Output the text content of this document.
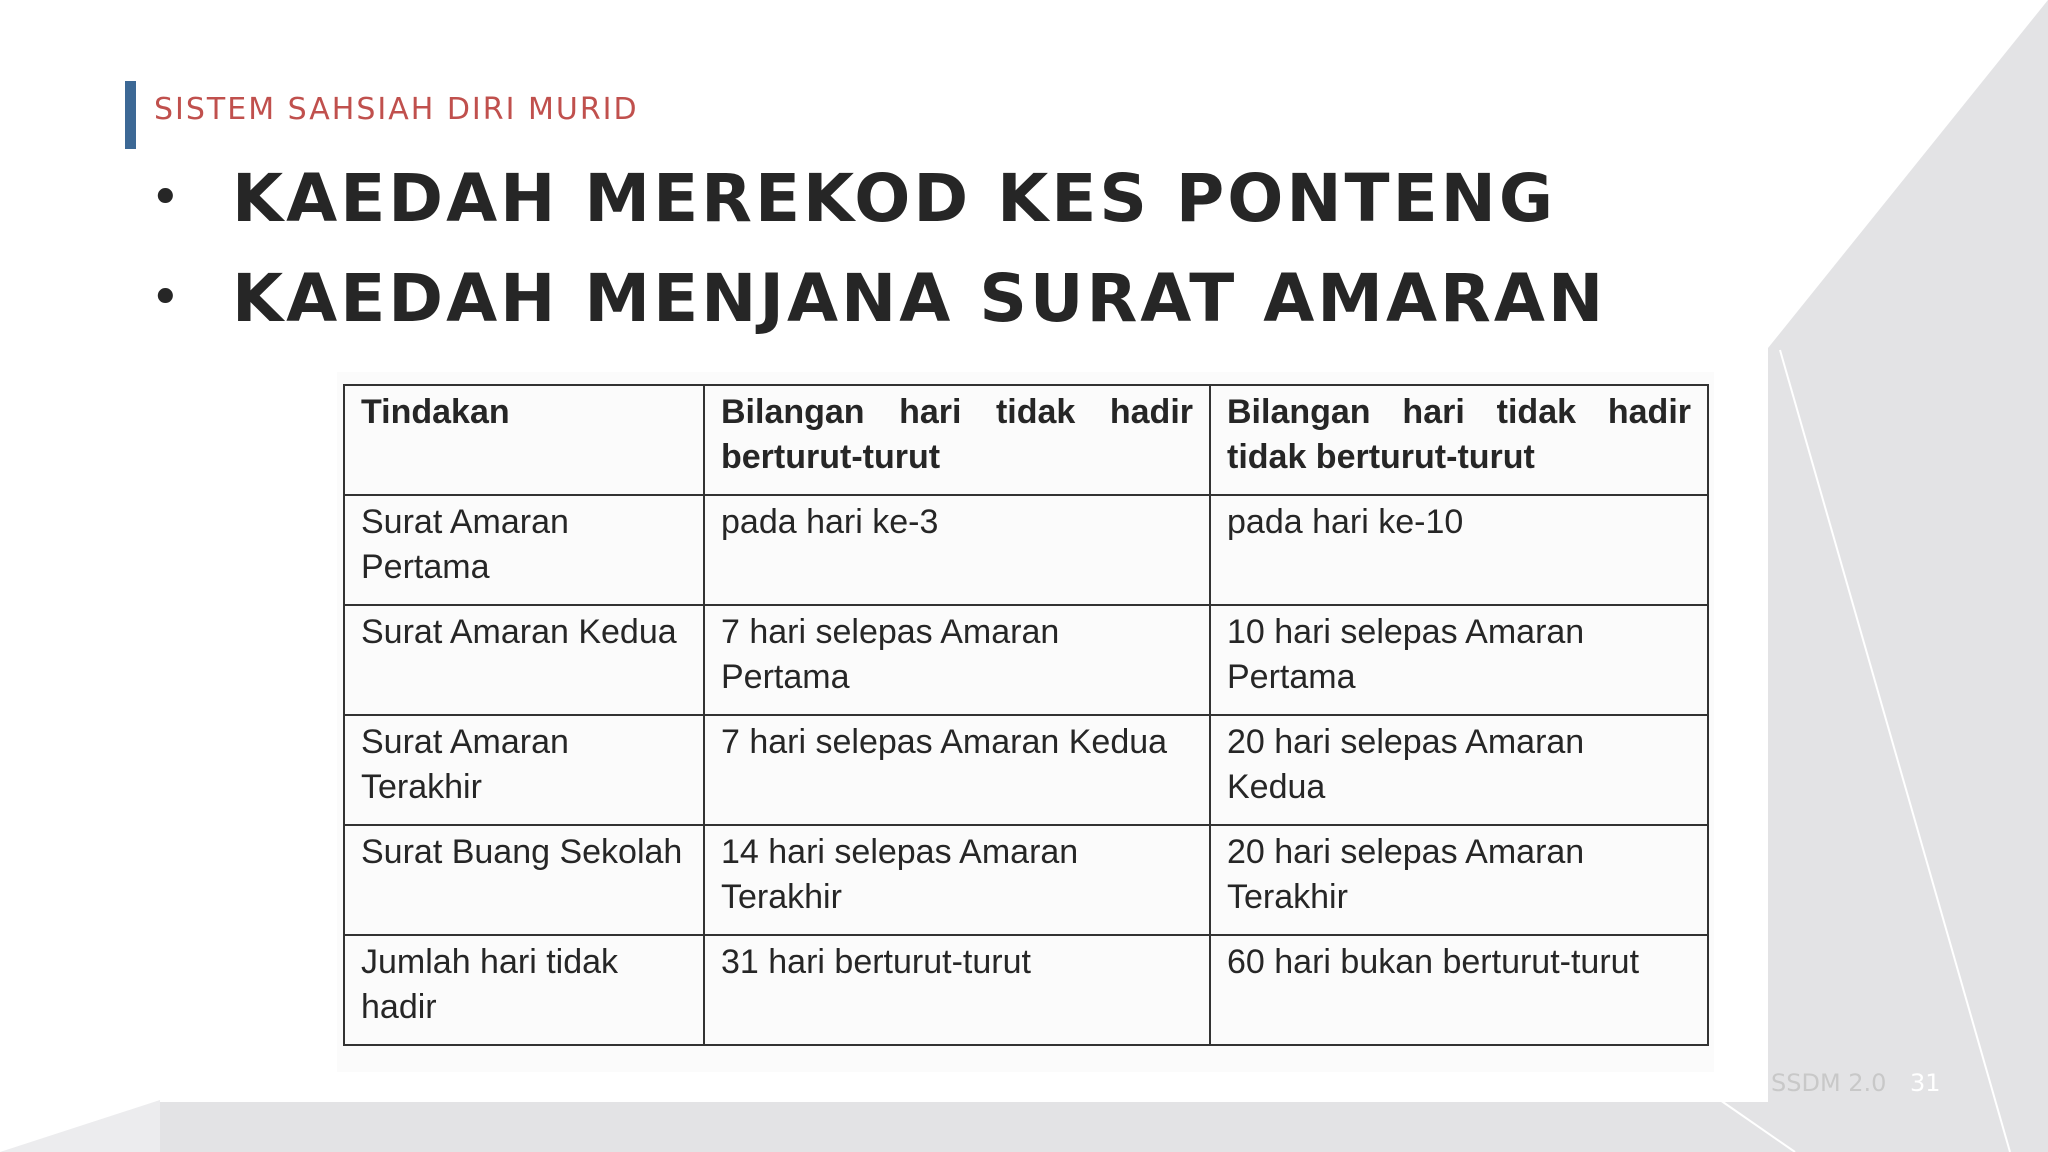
SISTEM SAHSIAH DIRI MURID
• KAEDAH MEREKOD KES PONTENG
• KAEDAH MENJANA SURAT AMARAN
Tindakan	Bilangan hari tidak hadir berturut-turut	Bilangan hari tidak hadir tidak berturut-turut
Surat Amaran Pertama	pada hari ke-3	pada hari ke-10
Surat Amaran Kedua	7 hari selepas Amaran Pertama	10 hari selepas Amaran Pertama
Surat Amaran Terakhir	7 hari selepas Amaran Kedua	20 hari selepas Amaran Kedua
Surat Buang Sekolah	14 hari selepas Amaran Terakhir	20 hari selepas Amaran Terakhir
Jumlah hari tidak hadir	31 hari berturut-turut	60 hari bukan berturut-turut
SSDM 2.0 31
